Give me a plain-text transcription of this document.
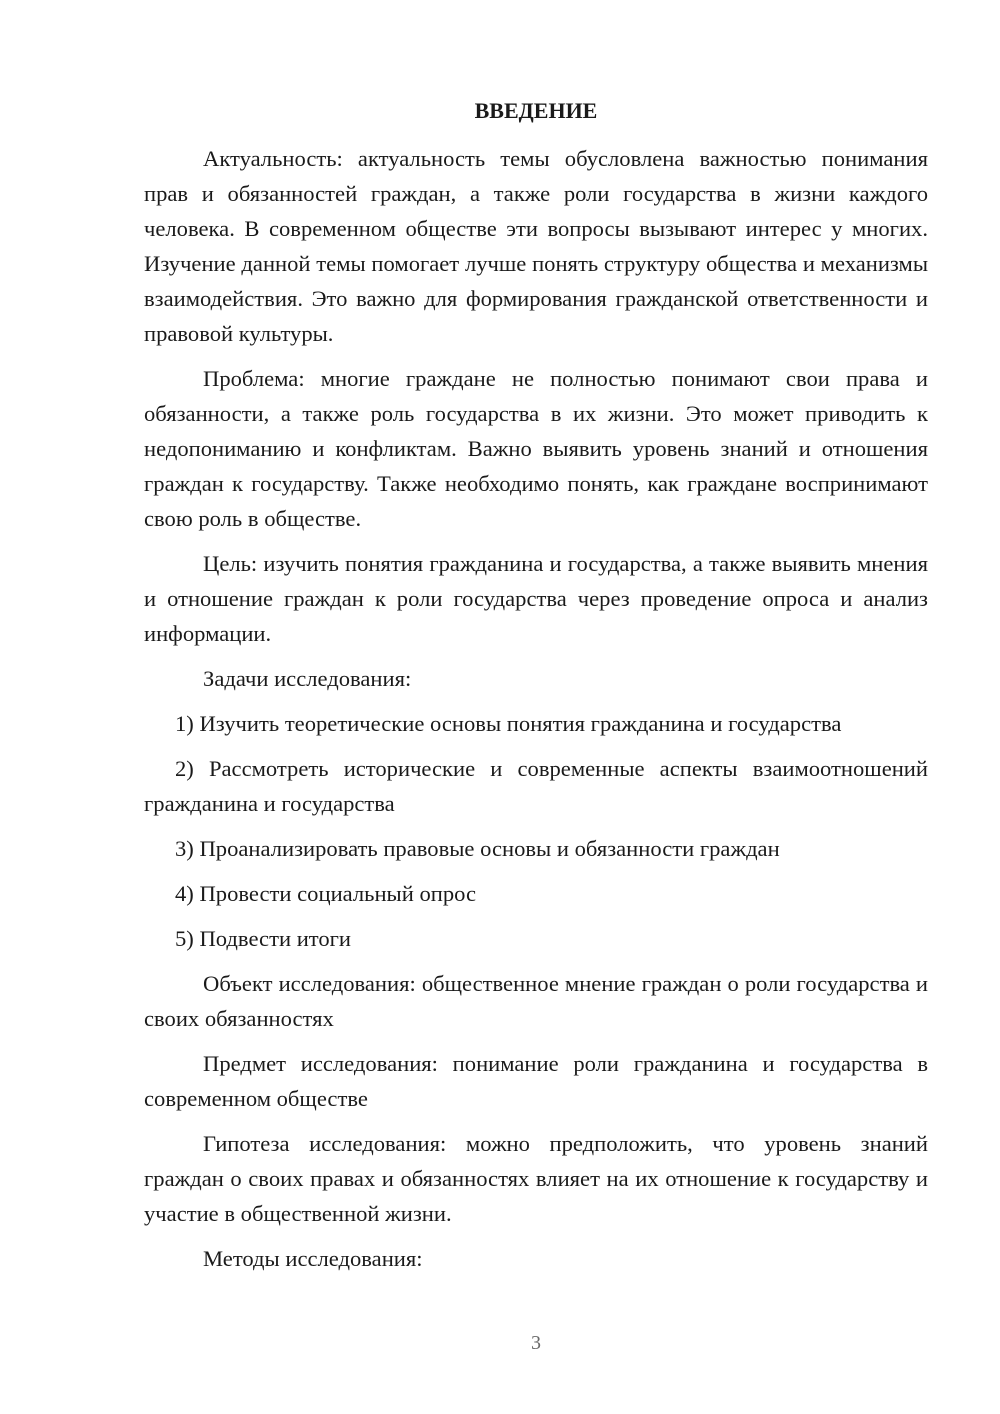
ВВЕДЕНИЕ

Актуальность: актуальность темы обусловлена важностью понимания прав и обязанностей граждан, а также роли государства в жизни каждого человека. В современном обществе эти вопросы вызывают интерес у многих. Изучение данной темы помогает лучше понять структуру общества и механизмы взаимодействия. Это важно для формирования гражданской ответственности и правовой культуры.

Проблема: многие граждане не полностью понимают свои права и обязанности, а также роль государства в их жизни. Это может приводить к недопониманию и конфликтам. Важно выявить уровень знаний и отношения граждан к государству. Также необходимо понять, как граждане воспринимают свою роль в обществе.

Цель: изучить понятия гражданина и государства, а также выявить мнения и отношение граждан к роли государства через проведение опроса и анализ информации.

Задачи исследования:

1) Изучить теоретические основы понятия гражданина и государства

2) Рассмотреть исторические и современные аспекты взаимоотношений гражданина и государства

3) Проанализировать правовые основы и обязанности граждан

4) Провести социальный опрос

5) Подвести итоги

Объект исследования: общественное мнение граждан о роли государства и своих обязанностях

Предмет исследования: понимание роли гражданина и государства в современном обществе

Гипотеза исследования: можно предположить, что уровень знаний граждан о своих правах и обязанностях влияет на их отношение к государству и участие в общественной жизни.

Методы исследования:

3
